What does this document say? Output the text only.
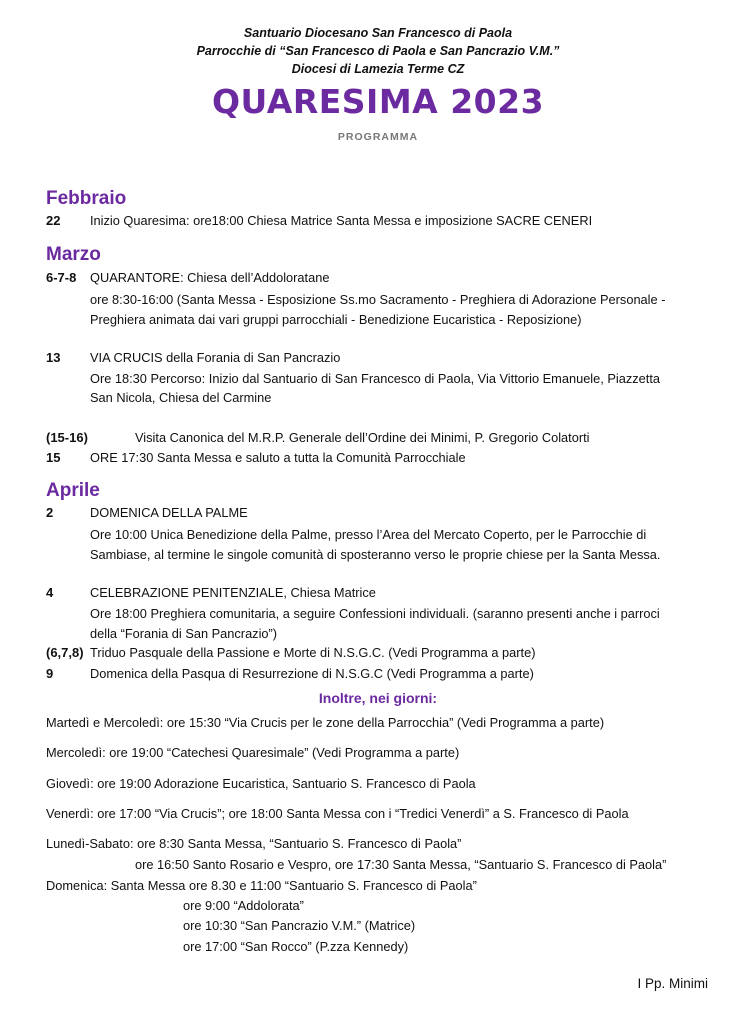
Santuario Diocesano San Francesco di Paola
Parrocchie di “San Francesco di Paola e San Pancrazio V.M.”
Diocesi di Lamezia Terme CZ
QUARESIMA 2023
PROGRAMMA
Febbraio
22 Inizio Quaresima: ore18:00 Chiesa Matrice Santa Messa e imposizione SACRE CENERI
Marzo
6-7-8 QUARANTORE: Chiesa dell’Addoloratane
ore 8:30-16:00 (Santa Messa - Esposizione Ss.mo Sacramento - Preghiera di Adorazione Personale -
Preghiera animata dai vari gruppi parrocchiali - Benedizione Eucaristica - Reposizione)
13 VIA CRUCIS della Forania di San Pancrazio
Ore 18:30 Percorso: Inizio dal Santuario di San Francesco di Paola, Via Vittorio Emanuele, Piazzetta
San Nicola, Chiesa del Carmine
(15-16)	Visita Canonica del M.R.P. Generale dell’Ordine dei Minimi, P. Gregorio Colatorti
15 ORE 17:30 Santa Messa e saluto a tutta la Comunità Parrocchiale
Aprile
2	DOMENICA DELLA PALME
Ore 10:00 Unica Benedizione della Palme, presso l’Area del Mercato Coperto, per le Parrocchie di
Sambiase, al termine le singole comunità di sposteranno verso le proprie chiese per la Santa Messa.
4	CELEBRAZIONE PENITENZIALE, Chiesa Matrice
Ore 18:00 Preghiera comunitaria, a seguire Confessioni individuali. (saranno presenti anche i parroci
della “Forania di San Pancrazio”)
(6,7,8) Triduo Pasquale della Passione e Morte di N.S.G.C. (Vedi Programma a parte)
9	Domenica della Pasqua di Resurrezione di N.S.G.C (Vedi Programma a parte)
Inoltre, nei giorni:
Martedì e Mercoledì: ore 15:30 “Via Crucis per le zone della Parrocchia” (Vedi Programma a parte)
Mercoledì: ore 19:00 “Catechesi Quaresimale” (Vedi Programma a parte)
Giovedì: ore 19:00 Adorazione Eucaristica, Santuario S. Francesco di Paola
Venerdì: ore 17:00 “Via Crucis”; ore 18:00 Santa Messa con i “Tredici Venerdì” a S. Francesco di Paola
Lunedì-Sabato: ore 8:30 Santa Messa, “Santuario S. Francesco di Paola”
ore 16:50 Santo Rosario e Vespro, ore 17:30 Santa Messa, “Santuario S. Francesco di Paola”
Domenica: Santa Messa ore 8.30 e 11:00 “Santuario S. Francesco di Paola”
ore 9:00 “Addolorata”
ore 10:30 “San Pancrazio V.M.” (Matrice)
ore 17:00 “San Rocco” (P.zza Kennedy)
I Pp. Minimi
